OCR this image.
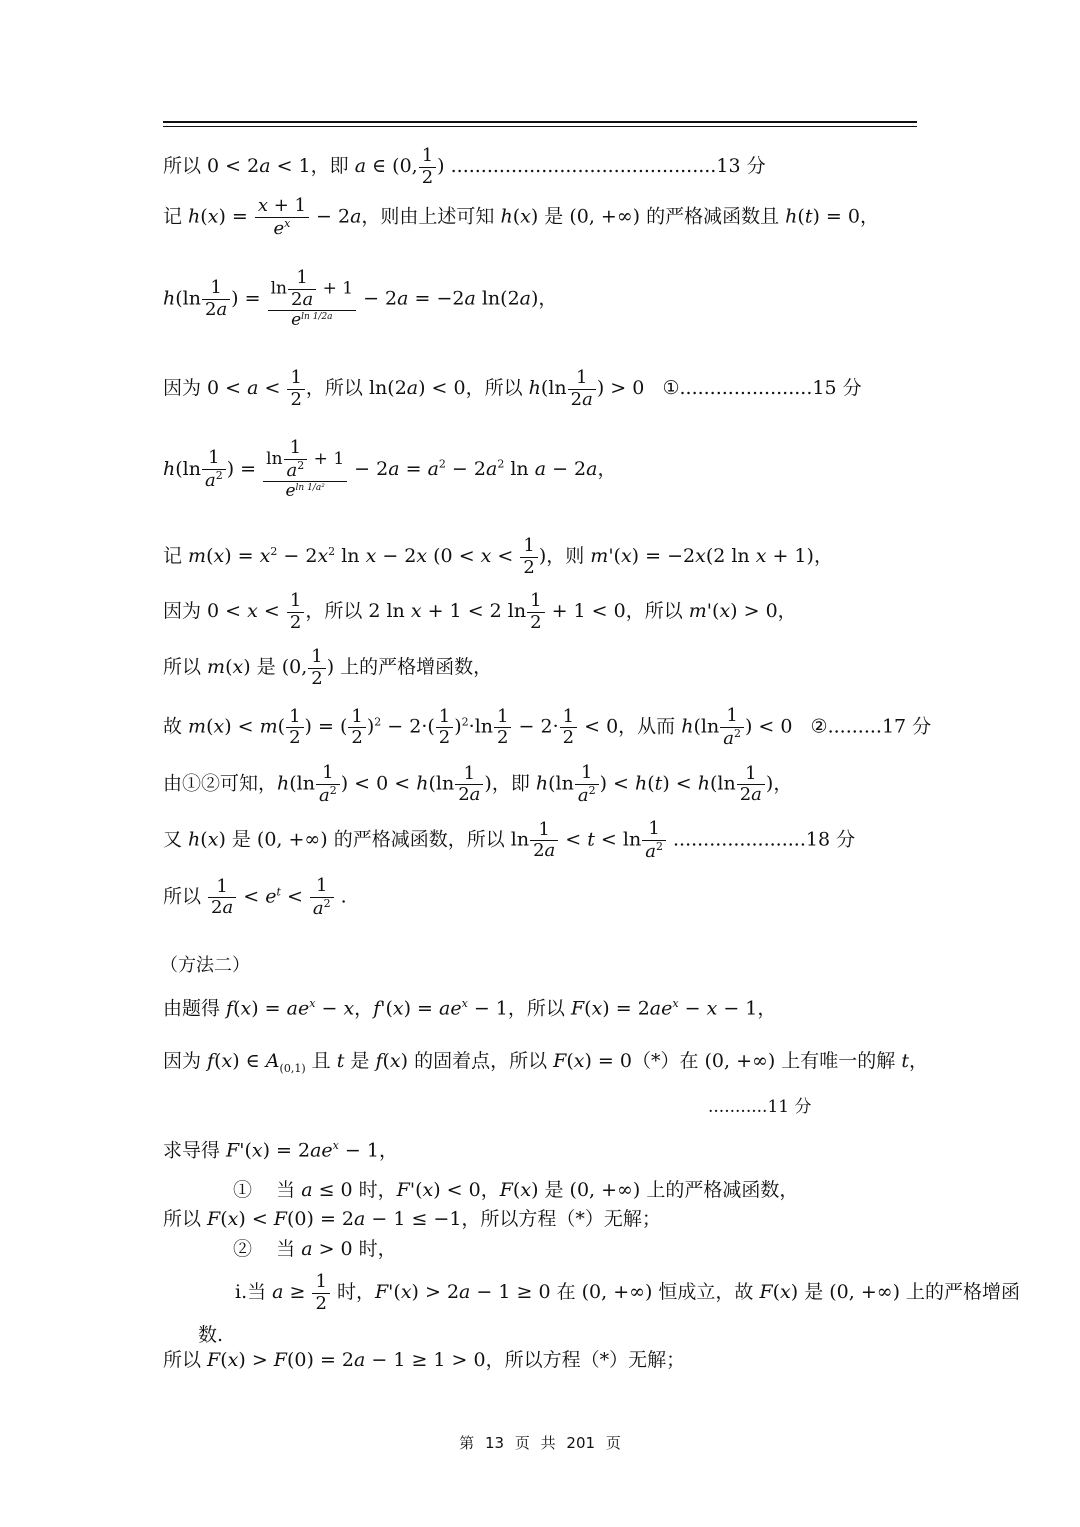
所以 0 < 2a < 1，即 a ∈ (0, $\frac{1}{2}$ ) ............................................13 分
记 $h(x) = \frac{x + 1}{e^x} - 2a$，则由上述可知 h(x) 是 (0, +∞) 的严格减函数且 h(t) = 0，
$h(\ln \frac{1}{2a}$ ) = $\frac{\ln \frac{1}{2a} + 1}{eln 1/2a} - 2a = -2a$ ln(2a)，
因为 $0 < a < \frac{1}{2}$ ，所以 ln(2a) < 0，所以 $h(\ln \frac{1}{2a}$ ) > 0   ①......................15 分
$h(\ln \frac{1}{a^2}$ ) = $\frac{\ln \frac{1}{a^2} + 1}{\text{eln 1/a²}} - 2a = a^2 - 2a^2$ ln a − 2a，
记 $m(x) = x^2 - 2x^2$ ln x − 2x ($0 < x < \frac{1}{2}$ )，则 m'(x) = −2x(2 ln x + 1)，
因为 $0 < x < \frac{1}{2}$ ，所以 2 ln x + 1 < 2 $\ln \frac{1}{2} + 1 < 0$，所以 m'(x) > 0，
所以 m(x) 是 (0, $\frac{1}{2}$ ) 上的严格增函数，
故 $m(x) < m( \frac{1}{2}$ ) = ( $\frac{1}{2} )^2 - 2\cdot( \frac{1}{2} )^2\cdot\ln \frac{1}{2} - 2\cdot \frac{1}{2} < 0$，从而 $h(\ln \frac{1}{a^2}$ ) < 0   ②.........17 分
由①②可知，$h(\ln \frac{1}{a^2}$ ) < $0 < h(\ln \frac{1}{2a}$ )，即 $h(\ln \frac{1}{a^2}$ ) < $h(t) < h(\ln \frac{1}{2a}$ )，
又 h(x) 是 (0, +∞) 的严格减函数，所以 $\ln \frac{1}{2a} < t < \ln \frac{1}{a^2} ......................18$ 分
所以 $\frac{1}{2a} < e^t < \frac{1}{a^2}$ .
（方法二）
由题得 $f(x) = ae^x - x$，$f'(x) = ae^x - 1$，所以 $F(x) = 2ae^x - x - 1$，
因为 f(x) ∈ $A_{(0,1)}$ 且 t 是 f(x) 的固着点，所以 F(x) = 0（*）在 (0, +∞) 上有唯一的解 t，
...........11 分
求导得 $F'(x) = 2ae^x - 1$，
①    当 a ≤ 0 时，F'(x) < 0，F(x) 是 (0, +∞) 上的严格减函数，
所以 F(x) < F(0) = 2a − 1 ≤ −1，所以方程（*）无解；
②    当 a > 0 时，
i.当 $a \ge \frac{1}{2}$ 时，F'(x) > 2a − 1 ≥ 0 在 (0, +∞) 恒成立，故 F(x) 是 (0, +∞) 上的严格增函
数.
所以 F(x) > F(0) = 2a − 1 ≥ 1 > 0，所以方程（*）无解；
第 13 页 共 201 页
